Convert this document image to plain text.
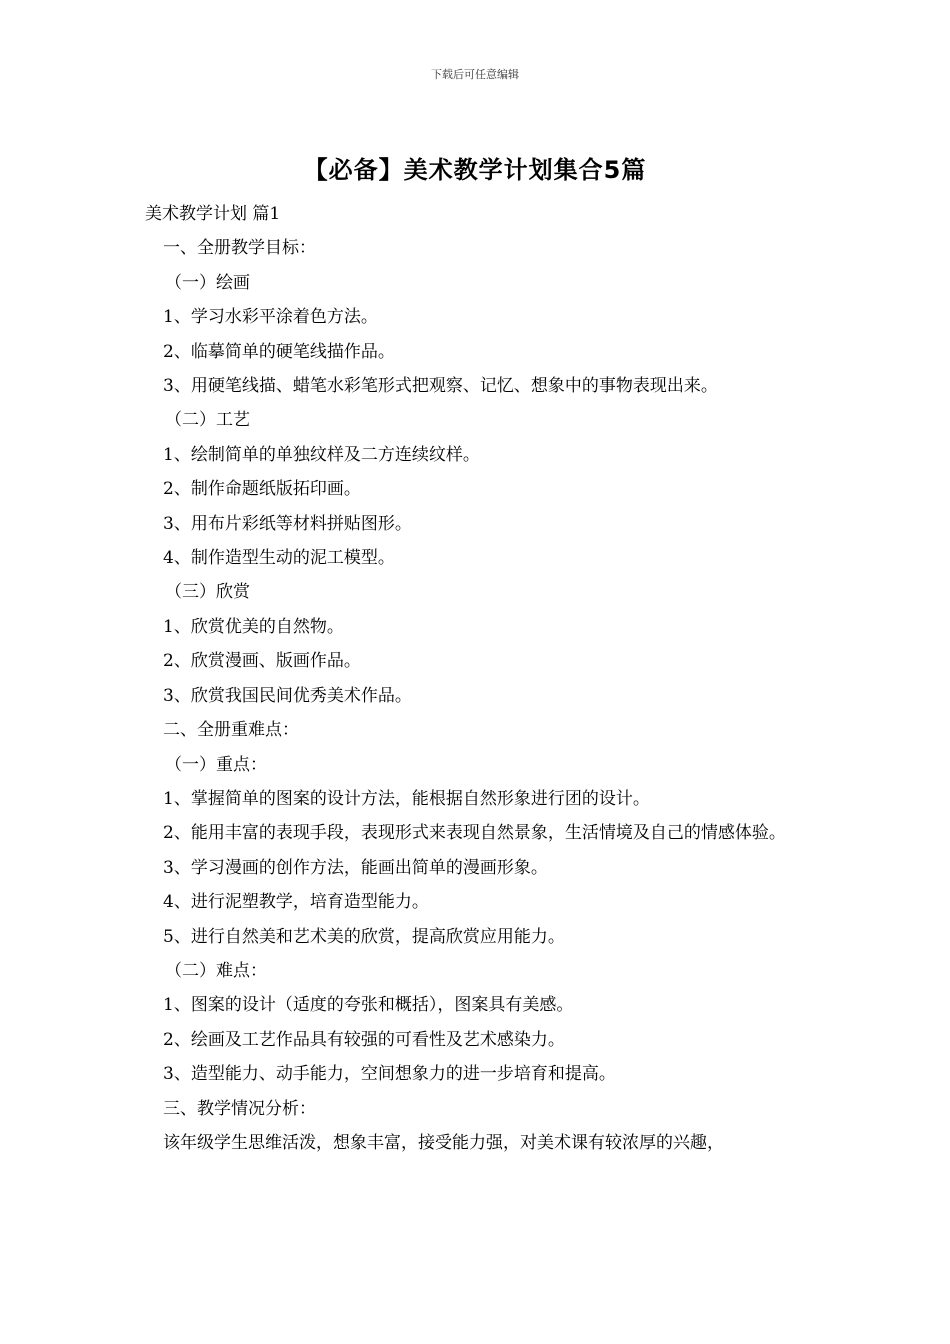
下载后可任意编辑
【必备】美术教学计划集合5篇
美术教学计划 篇1
一、全册教学目标：
（一）绘画
1、学习水彩平涂着色方法。
2、临摹简单的硬笔线描作品。
3、用硬笔线描、蜡笔水彩笔形式把观察、记忆、想象中的事物表现出来。
（二）工艺
1、绘制简单的单独纹样及二方连续纹样。
2、制作命题纸版拓印画。
3、用布片彩纸等材料拼贴图形。
4、制作造型生动的泥工模型。
（三）欣赏
1、欣赏优美的自然物。
2、欣赏漫画、版画作品。
3、欣赏我国民间优秀美术作品。
二、全册重难点：
（一）重点：
1、掌握简单的图案的设计方法，能根据自然形象进行团的设计。
2、能用丰富的表现手段，表现形式来表现自然景象，生活情境及自己的情感体验。
3、学习漫画的创作方法，能画出简单的漫画形象。
4、进行泥塑教学，培育造型能力。
5、进行自然美和艺术美的欣赏，提高欣赏应用能力。
（二）难点：
1、图案的设计（适度的夸张和概括），图案具有美感。
2、绘画及工艺作品具有较强的可看性及艺术感染力。
3、造型能力、动手能力，空间想象力的进一步培育和提高。
三、教学情况分析：
该年级学生思维活泼，想象丰富，接受能力强，对美术课有较浓厚的兴趣，
